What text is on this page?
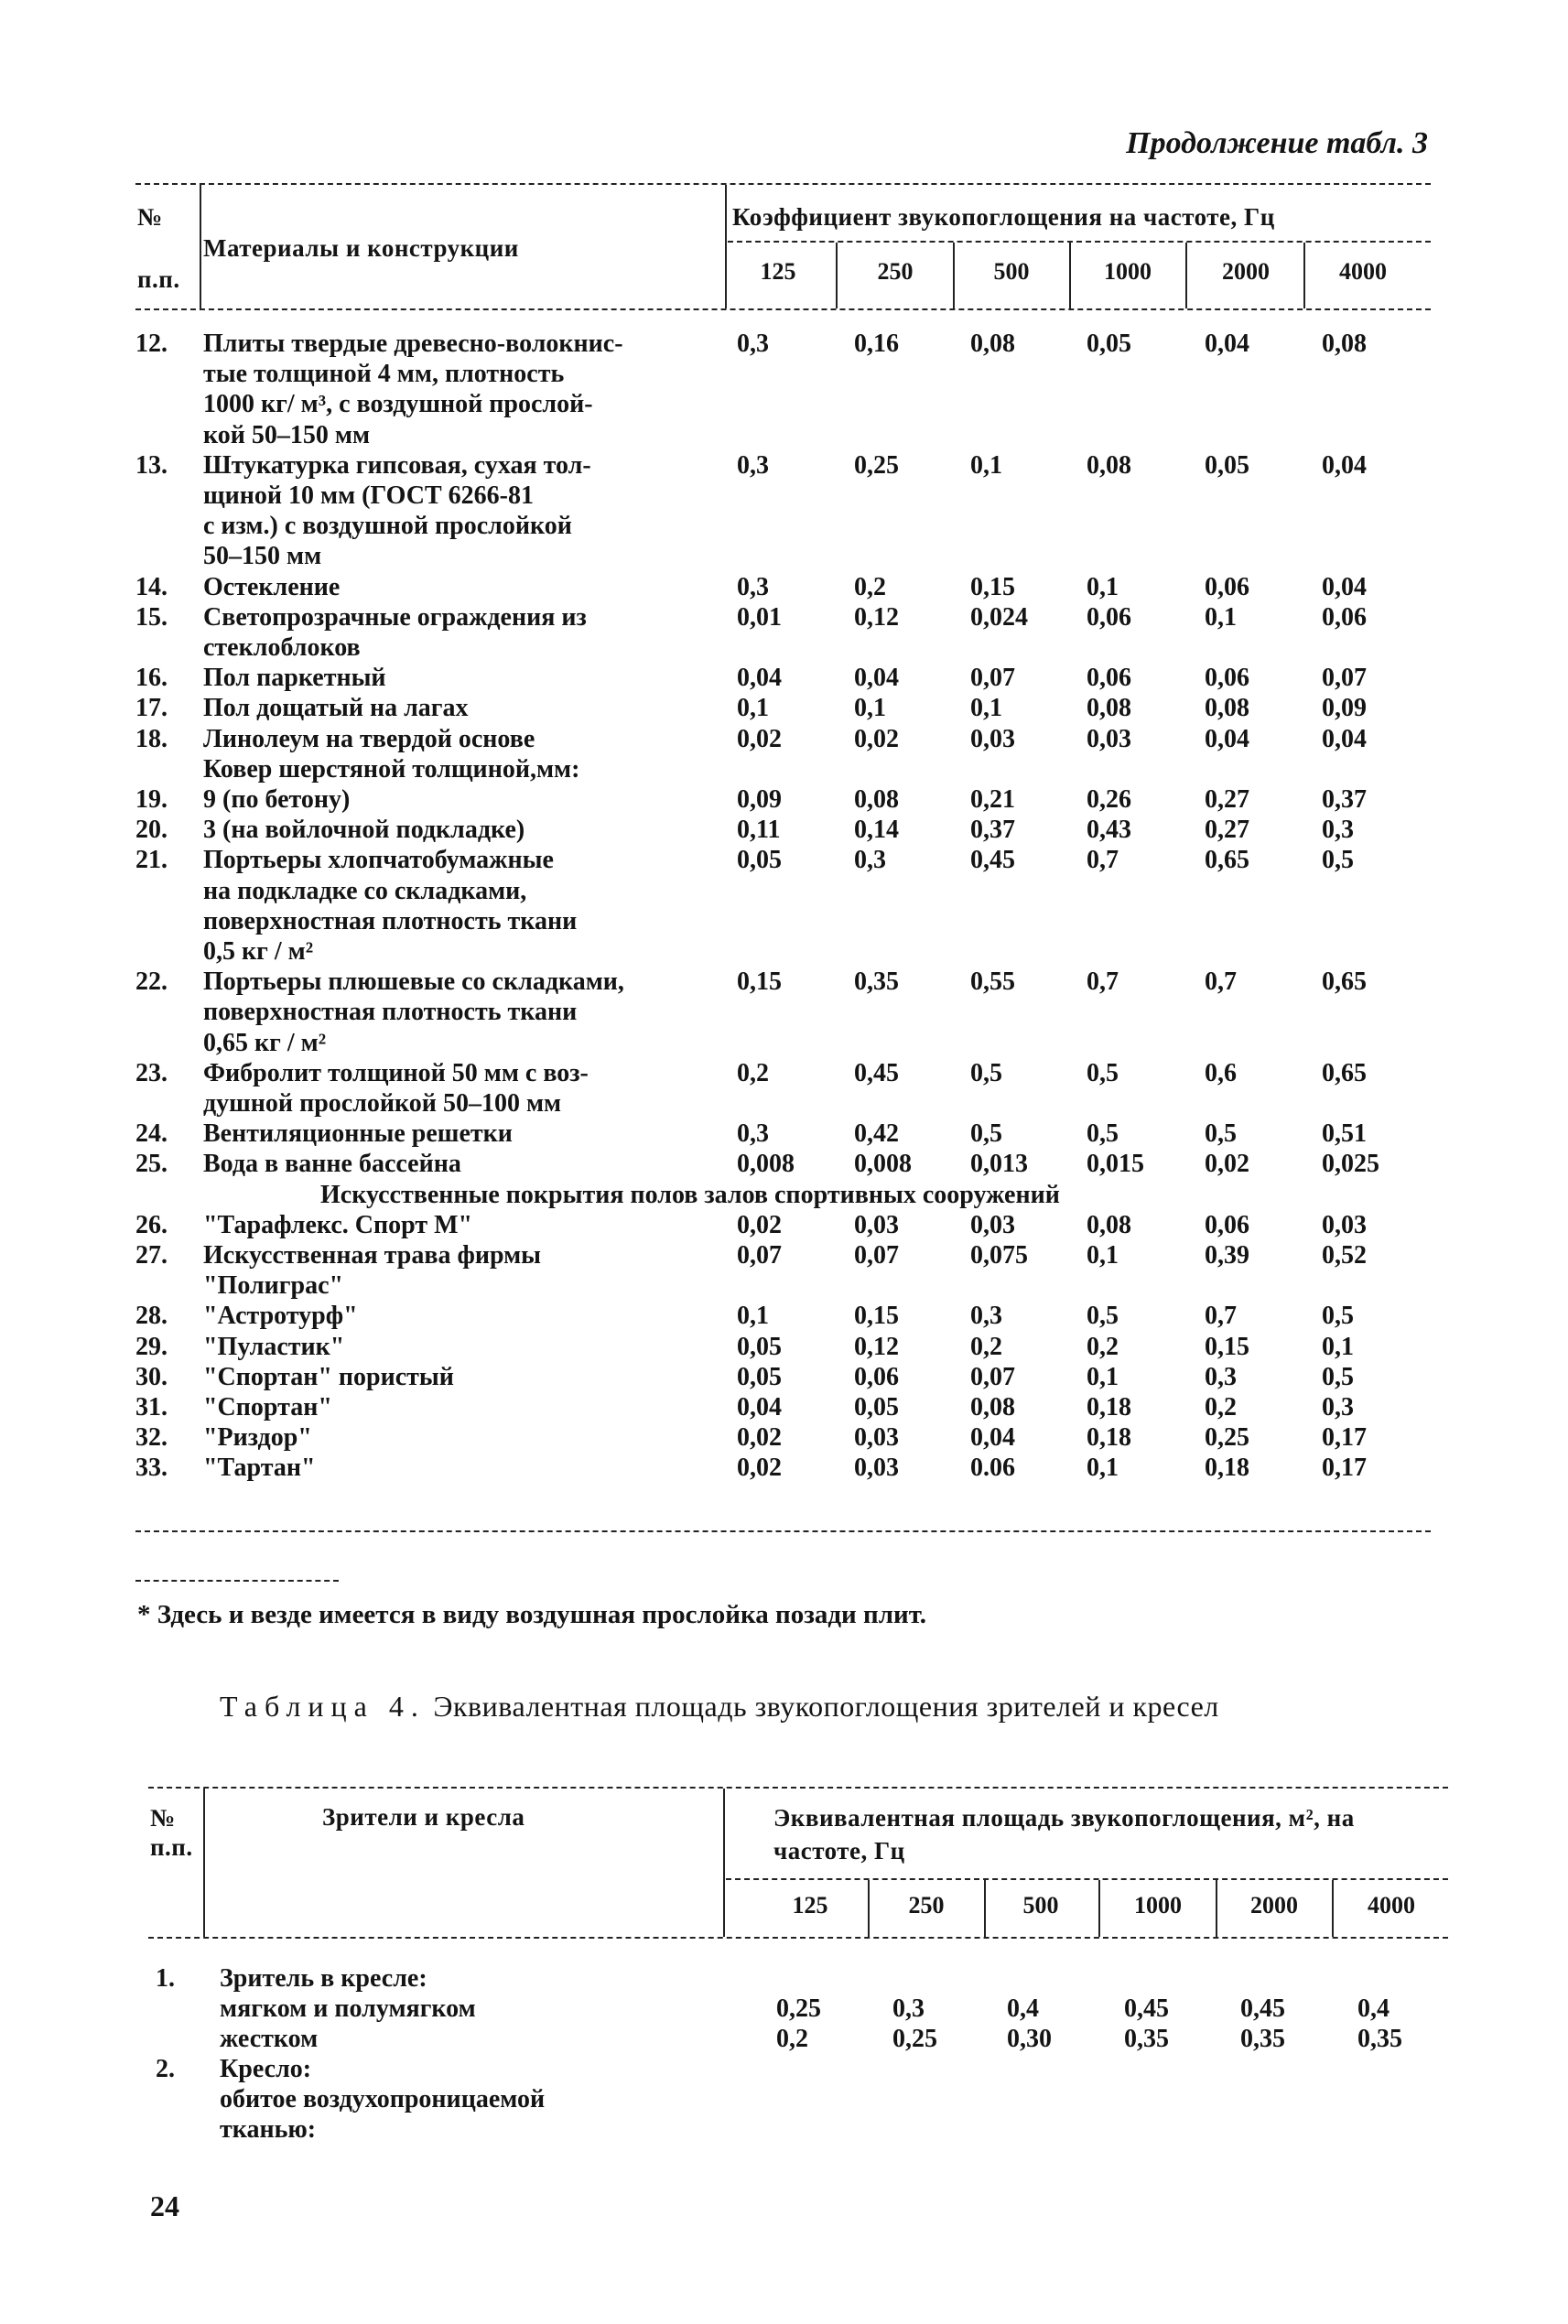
Продолжение табл. 3
№
п.п.
Материалы и конструкции
Коэффициент звукопоглощения на частоте, Гц
125	250	500	1000	2000	4000
12. Плиты твердые древесно-волокнис-
тые толщиной 4 мм, плотность
1000 кг/ м³, с воздушной прослой-
кой 50–150 мм
0,3	0,16	0,08	0,05	0,04	0,08
13. Штукатурка гипсовая, сухая тол-
щиной 10 мм (ГОСТ 6266-81
с изм.) с воздушной прослойкой
50–150 мм
0,3	0,25	0,1	0,08	0,05	0,04
14. Остекление	0,3	0,2	0,15	0,1	0,06	0,04
15. Светопрозрачные ограждения из
стеклоблоков
0,01	0,12	0,024 0,06	0,1	0,06
16. Пол паркетный	0,04	0,04	0,07	0,06	0,06	0,07
17. Пол дощатый на лагах	0,1	0,1	0,1	0,08	0,08	0,09
18. Линолеум на твердой основе	0,02	0,02	0,03	0,03	0,04	0,04
Ковер шерстяной толщиной,мм:
19. 9 (по бетону)	0,09	0,08	0,21	0,26	0,27	0,37
20. 3 (на войлочной подкладке)	0,11	0,14	0,37	0,43	0,27	0,3
21. Портьеры хлопчатобумажные
на подкладке со складками,
поверхностная плотность ткани
0,5 кг / м²
0,05	0,3	0,45	0,7	0,65	0,5
22. Портьеры плюшевые со складками,
поверхностная плотность ткани
0,65 кг / м²
0,15	0,35	0,55	0,7	0,7	0,65
23. Фибролит толщиной 50 мм с воз-
душной прослойкой 50–100 мм
0,2	0,45	0,5	0,5	0,6	0,65
24. Вентиляционные решетки	0,3	0,42	0,5	0,5	0,5	0,51
25. Вода в ванне бассейна	0,008 0,008 0,013 0,015 0,02	0,025
Искусственные покрытия полов залов спортивных сооружений
26. "Тарафлекс. Спорт М"	0,02	0,03	0,03	0,08	0,06	0,03
27. Искусственная трава фирмы
"Полиграс"
0,07	0,07	0,075 0,1	0,39	0,52
28. "Астротурф"	0,1	0,15	0,3	0,5	0,7	0,5
29. "Пуластик"	0,05	0,12	0,2	0,2	0,15	0,1
30. "Спортан" пористый	0,05	0,06	0,07	0,1	0,3	0,5
31. "Спортан"	0,04	0,05	0,08	0,18	0,2	0,3
32. "Риздор"	0,02	0,03	0,04	0,18	0,25	0,17
33. "Тартан"	0,02	0,03	0.06	0,1	0,18	0,17
* Здесь и везде имеется в виду воздушная прослойка позади плит.
Таблица 4. Эквивалентная площадь звукопоглощения зрителей и кресел
№ п.п.
Зрители и кресла	Эквивалентная площадь звукопоглощения, м², на частоте, Гц
125	250	500	1000	2000	4000
1. Зритель в кресле:
мягком и полумягком	0,25	0,3	0,4	0,45	0,45	0,4
жестком	0,2	0,25	0,30	0,35	0,35	0,35
2. Кресло:
обитое воздухопроницаемой
тканью:
24
